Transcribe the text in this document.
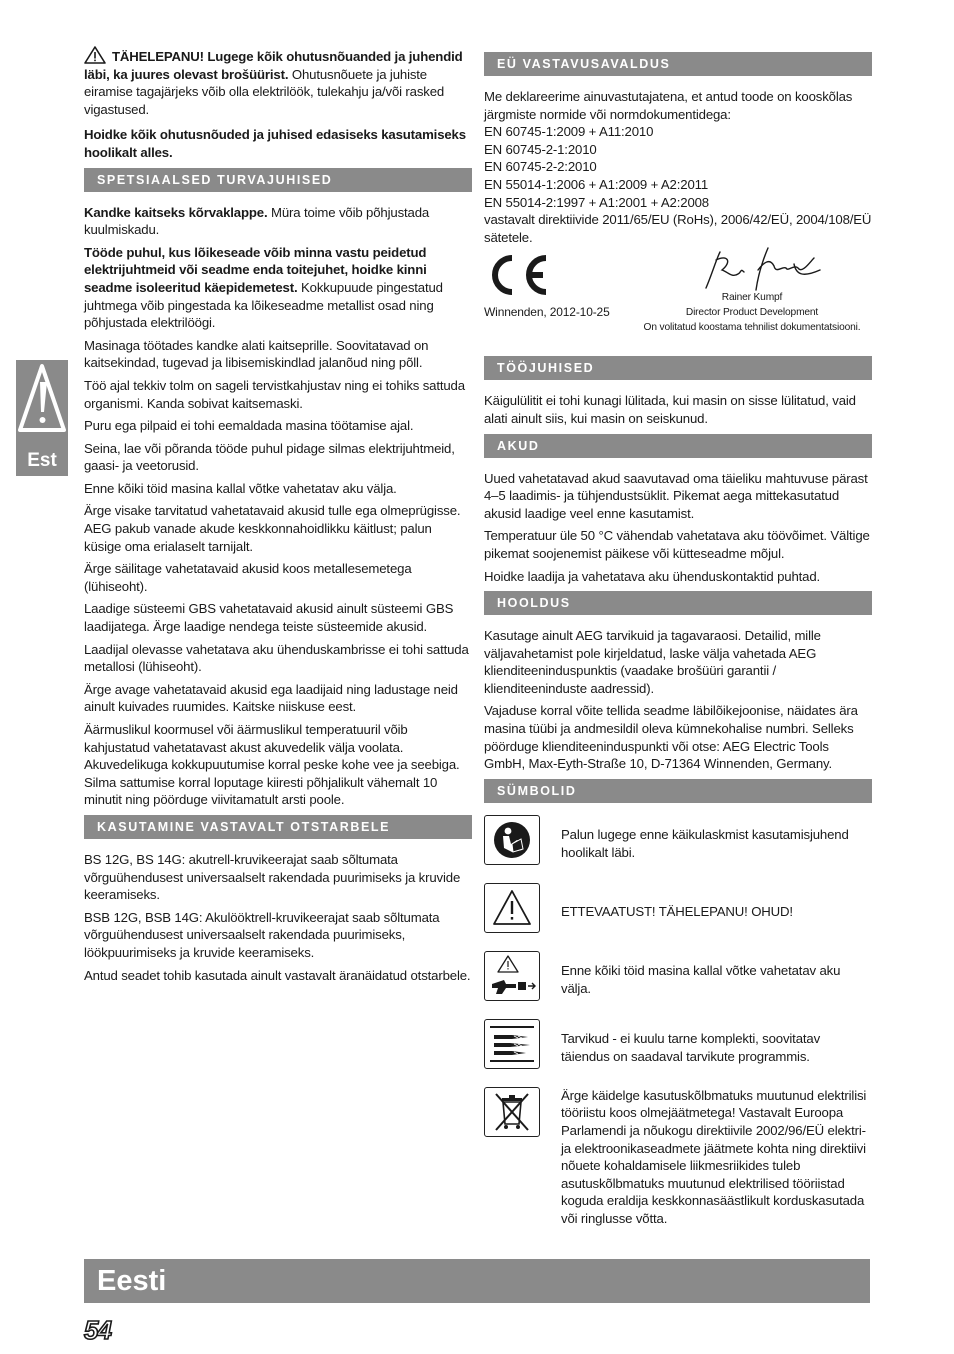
Est

TÄHELEPANU! Lugege kõik ohutusnõuanded ja juhendid läbi, ka juures olevast brošüürist. Ohutusnõuete ja juhiste eiramise tagajärjeks võib olla elektrilöök, tulekahju ja/või rasked vigastused.

Hoidke kõik ohutusnõuded ja juhised edasiseks kasutamiseks hoolikalt alles.

SPETSIAALSED TURVAJUHISED

Kandke kaitseks kõrvaklappe. Müra toime võib põhjustada kuulmiskadu.

Tööde puhul, kus lõikeseade võib minna vastu peidetud elektrijuhtmeid või seadme enda toitejuhet, hoidke kinni seadme isoleeritud käepidemetest. Kokkupuude pingestatud juhtmega võib pingestada ka lõikeseadme metallist osad ning põhjustada elektrilöögi.

Masinaga töötades kandke alati kaitseprille. Soovitatavad on kaitsekindad, tugevad ja libisemiskindlad jalanõud ning põll.

Töö ajal tekkiv tolm on sageli tervistkahjustav ning ei tohiks sattuda organismi. Kanda sobivat kaitsemaski.

Puru ega pilpaid ei tohi eemaldada masina töötamise ajal.

Seina, lae või põranda tööde puhul pidage silmas elektrijuhtmeid, gaasi- ja veetorusid.

Enne kõiki töid masina kallal võtke vahetatav aku välja.

Ärge visake tarvitatud vahetatavaid akusid tulle ega olmeprügisse. AEG pakub vanade akude keskkonnahoidlikku käitlust; palun küsige oma erialaselt tarnijalt.

Ärge säilitage vahetatavaid akusid koos metallesemetega (lühiseoht).

Laadige süsteemi GBS vahetatavaid akusid ainult süsteemi GBS laadijatega. Ärge laadige nendega teiste süsteemide akusid.

Laadijal olevasse vahetatava aku ühenduskambrisse ei tohi sattuda metallosi (lühiseoht).

Ärge avage vahetatavaid akusid ega laadijaid ning ladustage neid ainult kuivades ruumides. Kaitske niiskuse eest.

Äärmuslikul koormusel või äärmuslikul temperatuuril võib kahjustatud vahetatavast akust akuvedelik välja voolata. Akuvedelikuga kokkupuutumise korral peske kohe vee ja seebiga. Silma sattumise korral loputage kiiresti põhjalikult vähemalt 10 minutit ning pöörduge viivitamatult arsti poole.

KASUTAMINE VASTAVALT OTSTARBELE

BS 12G, BS 14G: akutrell-kruvikeerajat saab sõltumata võrguühendusest universaalselt rakendada puurimiseks ja kruvide keeramiseks.

BSB 12G, BSB 14G: Akulööktrell-kruvikeerajat saab sõltumata võrguühendusest universaalselt rakendada puurimiseks, löökpuurimiseks ja kruvide keeramiseks.

Antud seadet tohib kasutada ainult vastavalt äranäidatud otstarbele.

EÜ VASTAVUSAVALDUS

Me deklareerime ainuvastutajatena, et antud toode on kooskõlas järgmiste normide või normdokumentidega:

EN 60745-1:2009 + A11:2010

EN 60745-2-1:2010

EN 60745-2-2:2010

EN 55014-1:2006 + A1:2009 + A2:2011

EN 55014-2:1997 + A1:2001 + A2:2008

vastavalt direktiivide 2011/65/EU (RoHs), 2006/42/EÜ, 2004/108/EÜ sätetele.

Winnenden, 2012-10-25
Rainer Kumpf
Director Product Development
On volitatud koostama tehnilist dokumentatsiooni.
TÖÖJUHISED

Käigulülitit ei tohi kunagi lülitada, kui masin on sisse lülitatud, vaid alati ainult siis, kui masin on seiskunud.

AKUD

Uued vahetatavad akud saavutavad oma täieliku mahtuvuse pärast 4–5 laadimis- ja tühjendustsüklit. Pikemat aega mittekasutatud akusid laadige veel enne kasutamist.

Temperatuur üle 50 °C vähendab vahetatava aku töövõimet. Vältige pikemat soojenemist päikese või kütteseadme mõjul.

Hoidke laadija ja vahetatava aku ühenduskontaktid puhtad.

HOOLDUS

Kasutage ainult AEG tarvikuid ja tagavaraosi. Detailid, mille väljavahetamist pole kirjeldatud, laske välja vahetada AEG klienditeeninduspunktis (vaadake brošüüri garantii / klienditeeninduste aadressid).

Vajaduse korral võite tellida seadme läbilõikejoonise, näidates ära masina tüübi ja andmesildil oleva kümnekohalise numbri. Selleks pöörduge klienditeeninduspunkti või otse: AEG Electric Tools GmbH, Max-Eyth-Straße 10, D-71364 Winnenden, Germany.

SÜMBOLID
Palun lugege enne käikulaskmist kasutamisjuhend hoolikalt läbi.
ETTEVAATUST! TÄHELEPANU! OHUD!
Enne kõiki töid masina kallal võtke vahetatav aku välja.
Tarvikud - ei kuulu tarne komplekti, soovitatav täiendus on saadaval tarvikute programmis.
Ärge käidelge kasutuskõlbmatuks muutunud elektrilisi tööriistu koos olmejäätmetega! Vastavalt Euroopa Parlamendi ja nõukogu direktiivile 2002/96/EÜ elektri- ja elektroonikaseadmete jäätmete kohta ning direktiivi nõuete kohaldamisele liikmesriikides tuleb asutuskõlbmatuks muutunud elektrilised tööriistad koguda eraldija keskkonnasäästlikult korduskasutada või ringlusse võtta.
Eesti
54
